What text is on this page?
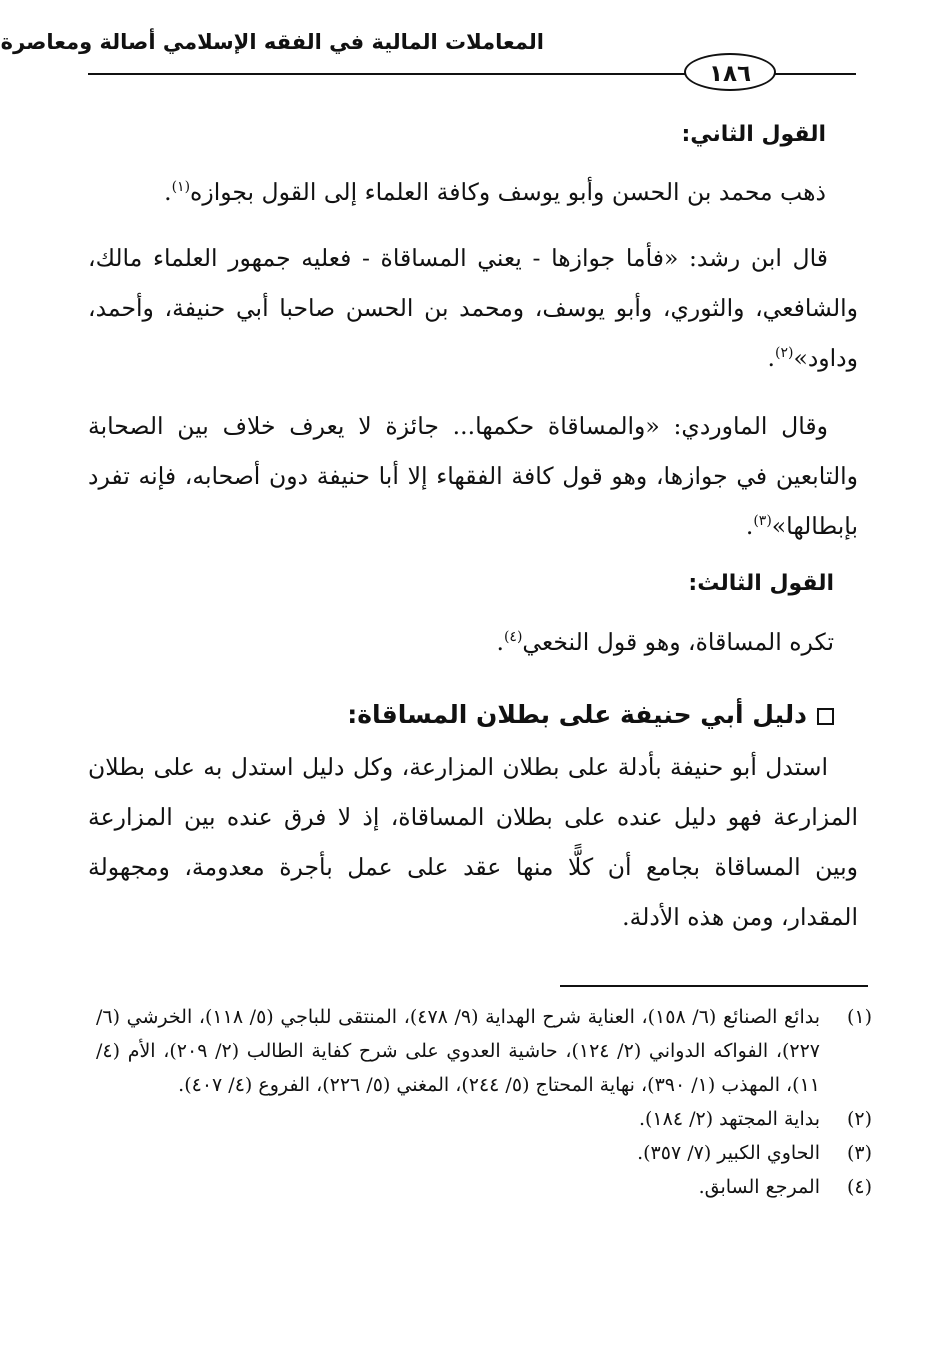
المعاملات المالية في الفقه الإسلامي أصالة ومعاصرة
١٨٦
القول الثاني:
ذهب محمد بن الحسن وأبو يوسف وكافة العلماء إلى القول بجوازه$^{(١)}$.
قال ابن رشد: «فأما جوازها - يعني المساقاة - فعليه جمهور العلماء مالك، والشافعي، والثوري، وأبو يوسف، ومحمد بن الحسن صاحبا أبي حنيفة، وأحمد، وداود»$^{(٢)}$.
وقال الماوردي: «والمساقاة حكمها... جائزة لا يعرف خلاف بين الصحابة والتابعين في جوازها، وهو قول كافة الفقهاء إلا أبا حنيفة دون أصحابه، فإنه تفرد بإبطالها»$^{(٣)}$.
القول الثالث:
تكره المساقاة، وهو قول النخعي$^{(٤)}$.
دليل أبي حنيفة على بطلان المساقاة:
استدل أبو حنيفة بأدلة على بطلان المزارعة، وكل دليل استدل به على بطلان المزارعة فهو دليل عنده على بطلان المساقاة، إذ لا فرق عنده بين المزارعة وبين المساقاة بجامع أن كلًّا منها عقد على عمل بأجرة معدومة، ومجهولة المقدار، ومن هذه الأدلة.
(١)
بدائع الصنائع (٦/ ١٥٨)، العناية شرح الهداية (٩/ ٤٧٨)، المنتقى للباجي (٥/ ١١٨)، الخرشي (٦/ ٢٢٧)، الفواكه الدواني (٢/ ١٢٤)، حاشية العدوي على شرح كفاية الطالب (٢/ ٢٠٩)، الأم (٤/ ١١)، المهذب (١/ ٣٩٠)، نهاية المحتاج (٥/ ٢٤٤)، المغني (٥/ ٢٢٦)، الفروع (٤/ ٤٠٧).
(٢)
بداية المجتهد (٢/ ١٨٤).
(٣)
الحاوي الكبير (٧/ ٣٥٧).
(٤)
المرجع السابق.
